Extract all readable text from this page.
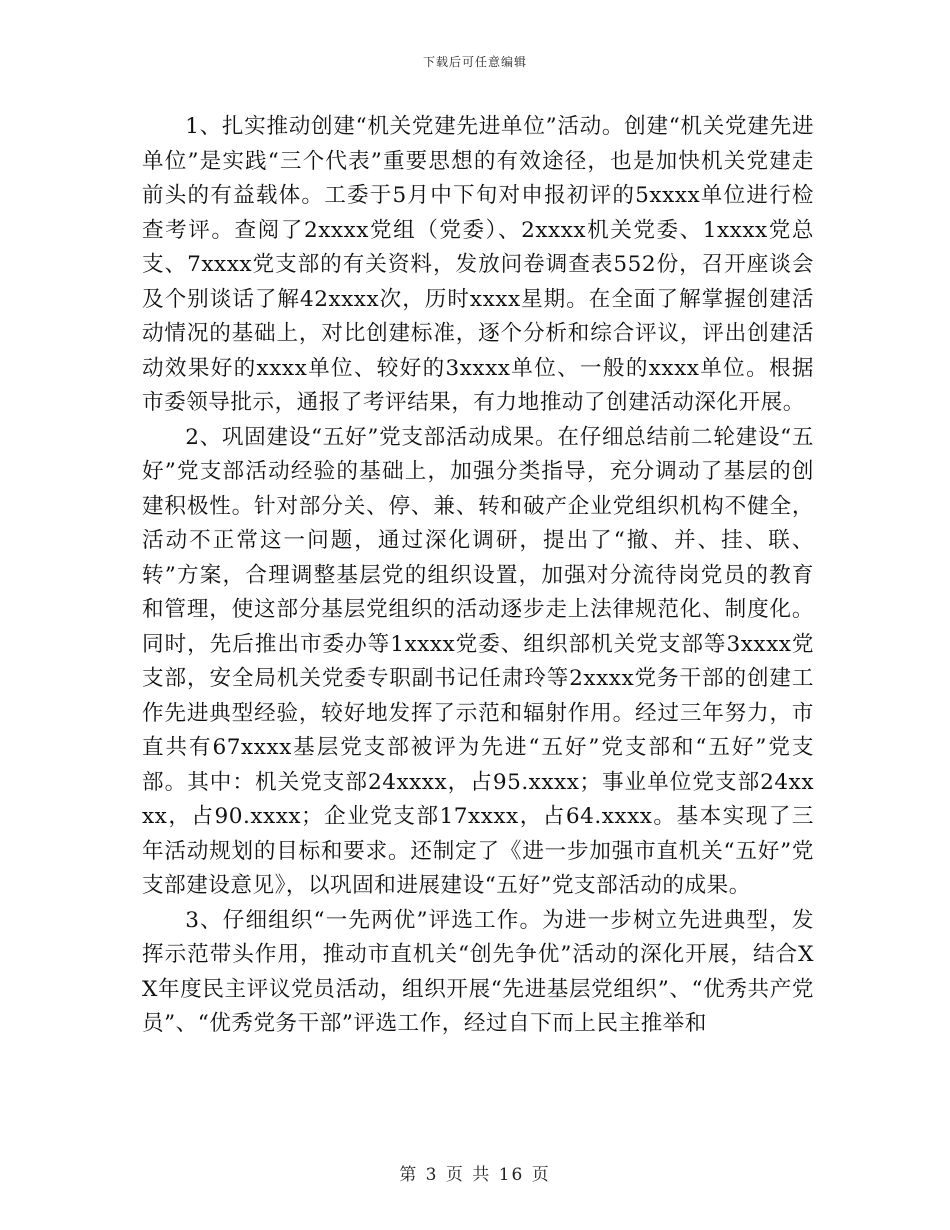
下载后可任意编辑

1、扎实推动创建“机关党建先进单位”活动。创建“机关党建先进单位”是实践“三个代表”重要思想的有效途径，也是加快机关党建走前头的有益载体。工委于5月中下旬对申报初评的5xxxx单位进行检查考评。查阅了2xxxx党组（党委）、2xxxx机关党委、1xxxx党总支、7xxxx党支部的有关资料，发放问卷调查表552份，召开座谈会及个别谈话了解42xxxx次，历时xxxx星期。在全面了解掌握创建活动情况的基础上，对比创建标准，逐个分析和综合评议，评出创建活动效果好的xxxx单位、较好的3xxxx单位、一般的xxxx单位。根据市委领导批示，通报了考评结果，有力地推动了创建活动深化开展。

2、巩固建设“五好”党支部活动成果。在仔细总结前二轮建设“五好”党支部活动经验的基础上，加强分类指导，充分调动了基层的创建积极性。针对部分关、停、兼、转和破产企业党组织机构不健全，活动不正常这一问题，通过深化调研，提出了“撤、并、挂、联、转”方案，合理调整基层党的组织设置，加强对分流待岗党员的教育和管理，使这部分基层党组织的活动逐步走上法律规范化、制度化。同时，先后推出市委办等1xxxx党委、组织部机关党支部等3xxxx党支部，安全局机关党委专职副书记任肃玲等2xxxx党务干部的创建工作先进典型经验，较好地发挥了示范和辐射作用。经过三年努力，市直共有67xxxx基层党支部被评为先进“五好”党支部和“五好”党支部。其中：机关党支部24xxxx，占95.xxxx；事业单位党支部24xxxx，占90.xxxx；企业党支部17xxxx，占64.xxxx。基本实现了三年活动规划的目标和要求。还制定了《进一步加强市直机关“五好”党支部建设意见》，以巩固和进展建设“五好”党支部活动的成果。

3、仔细组织“一先两优”评选工作。为进一步树立先进典型，发挥示范带头作用，推动市直机关“创先争优”活动的深化开展，结合XX年度民主评议党员活动，组织开展“先进基层党组织”、“优秀共产党员”、“优秀党务干部”评选工作，经过自下而上民主推举和

第 3 页 共 16 页
